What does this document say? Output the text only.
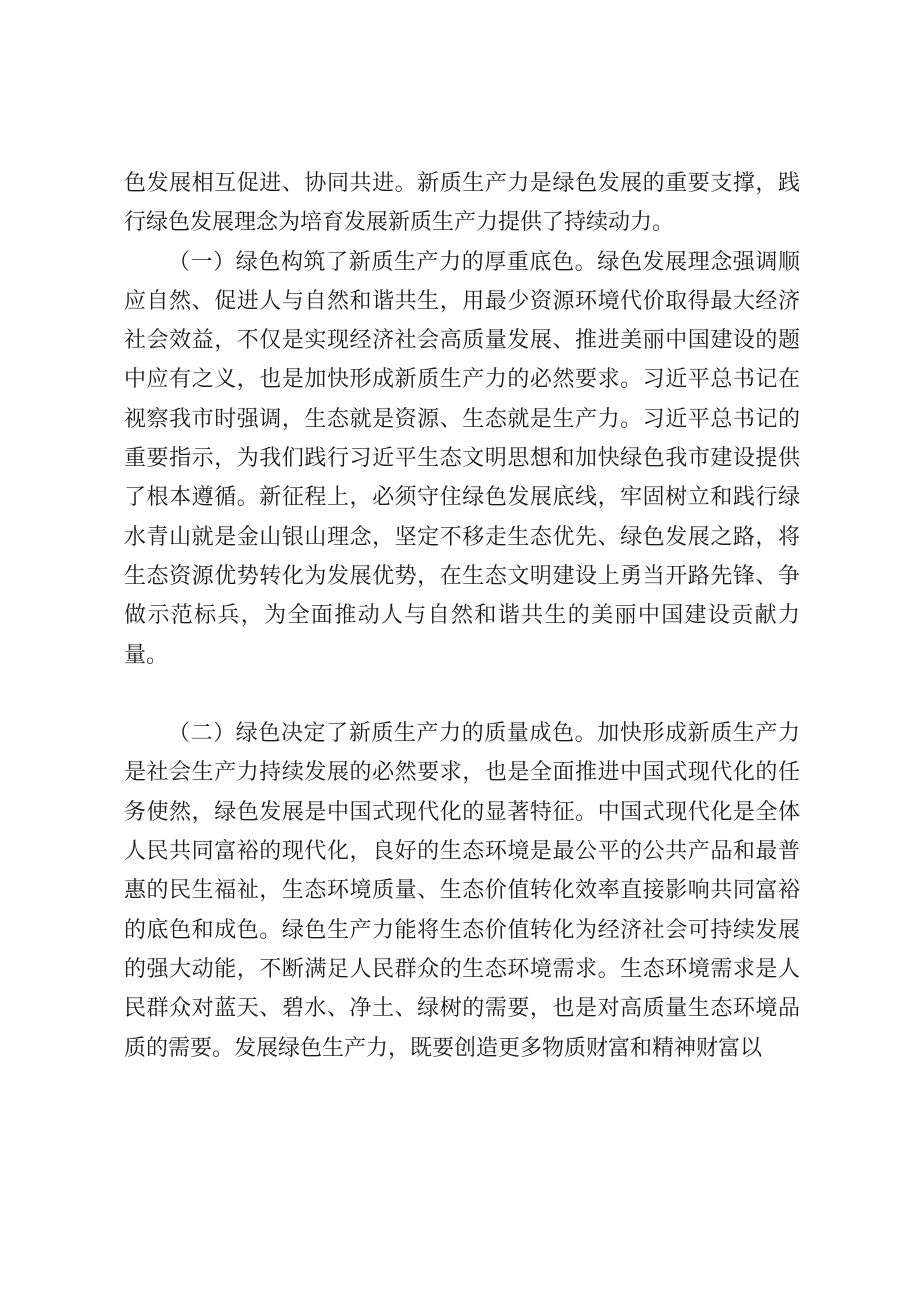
色发展相互促进、协同共进。新质生产力是绿色发展的重要支撑，践行绿色发展理念为培育发展新质生产力提供了持续动力。

（一）绿色构筑了新质生产力的厚重底色。绿色发展理念强调顺应自然、促进人与自然和谐共生，用最少资源环境代价取得最大经济社会效益，不仅是实现经济社会高质量发展、推进美丽中国建设的题中应有之义，也是加快形成新质生产力的必然要求。习近平总书记在视察我市时强调，生态就是资源、生态就是生产力。习近平总书记的重要指示，为我们践行习近平生态文明思想和加快绿色我市建设提供了根本遵循。新征程上，必须守住绿色发展底线，牢固树立和践行绿水青山就是金山银山理念，坚定不移走生态优先、绿色发展之路，将生态资源优势转化为发展优势，在生态文明建设上勇当开路先锋、争做示范标兵，为全面推动人与自然和谐共生的美丽中国建设贡献力量。

（二）绿色决定了新质生产力的质量成色。加快形成新质生产力是社会生产力持续发展的必然要求，也是全面推进中国式现代化的任务使然，绿色发展是中国式现代化的显著特征。中国式现代化是全体人民共同富裕的现代化，良好的生态环境是最公平的公共产品和最普惠的民生福祉，生态环境质量、生态价值转化效率直接影响共同富裕的底色和成色。绿色生产力能将生态价值转化为经济社会可持续发展的强大动能，不断满足人民群众的生态环境需求。生态环境需求是人民群众对蓝天、碧水、净土、绿树的需要，也是对高质量生态环境品质的需要。发展绿色生产力，既要创造更多物质财富和精神财富以
